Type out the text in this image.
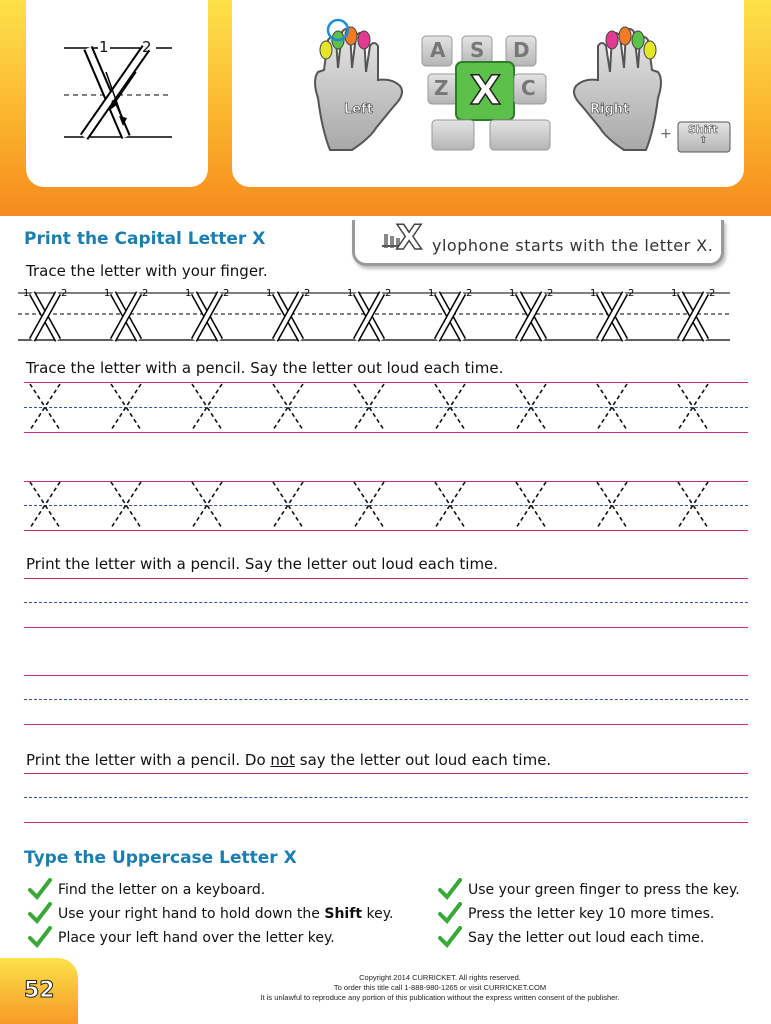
1 2	A S D
Z X C
Left	Right
+ Shift
⇧
Print the Capital Letter X	X ylophone starts with the letter X.
Trace the letter with your finger.
1	2	1	2	1	2	1	2	1	2	1	2	1	2	1	2	1	2
Trace the letter with a pencil. Say the letter out loud each time.
Print the letter with a pencil. Say the letter out loud each time.
Print the letter with a pencil. Do not say the letter out loud each time.
Type the Uppercase Letter X
Find the letter on a keyboard.
Use your right hand to hold down the Shift key.
Place your left hand over the letter key.
Use your green finger to press the key.
Press the letter key 10 more times.
Say the letter out loud each time.
52
Copyright 2014 CURRICKET. All rights reserved.
To order this title call 1-888-980-1265 or visit CURRICKET.COM
It is unlawful to reproduce any portion of this publication without the express written consent of the publisher.
